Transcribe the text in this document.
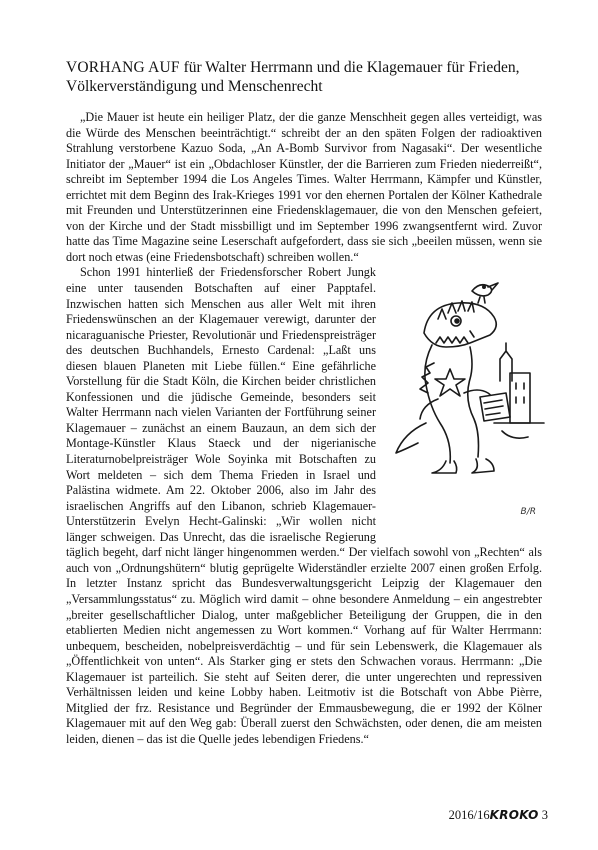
VORHANG AUF für Walter Herrmann und die Klagemauer für Frieden, Völkerverständigung und Menschenrecht

„Die Mauer ist heute ein heiliger Platz, der die ganze Menschheit gegen alles verteidigt, was die Würde des Menschen beeinträchtigt.“ schreibt der an den späten Folgen der radioaktiven Strahlung verstorbene Kazuo Soda, „An A-Bomb Survivor from Nagasaki“. Der wesentliche Initiator der „Mauer“ ist ein „Obdachloser Künstler, der die Barrieren zum Frieden niederreißt“, schreibt im September 1994 die Los Angeles Times. Walter Herrmann, Kämpfer und Künstler, errichtet mit dem Beginn des Irak-Krieges 1991 vor den ehernen Portalen der Kölner Kathedrale mit Freunden und Unterstützerinnen eine Friedensklagemauer, die von den Menschen gefeiert, von der Kirche und der Stadt missbilligt und im September 1996 zwangsentfernt wird. Zuvor hatte das Time Magazine seine Leserschaft aufgefordert, dass sie sich „beeilen müssen, wenn sie dort noch etwas (eine Friedensbotschaft) schreiben wollen.“

B/R

Schon 1991 hinterließ der Friedensforscher Robert Jungk eine unter tausenden Botschaften auf einer Papptafel. Inzwischen hatten sich Menschen aus aller Welt mit ihren Friedenswünschen an der Klagemauer verewigt, darunter der nicaraguanische Priester, Revolutionär und Friedenspreisträger des deutschen Buchhandels, Ernesto Cardenal: „Laßt uns diesen blauen Planeten mit Liebe füllen.“ Eine gefährliche Vorstellung für die Stadt Köln, die Kirchen beider christlichen Konfessionen und die jüdische Gemeinde, besonders seit Walter Herrmann nach vielen Varianten der Fortführung seiner Klagemauer – zunächst an einem Bauzaun, an dem sich der Montage-Künstler Klaus Staeck und der nigerianische Literaturnobelpreisträger Wole Soyinka mit Botschaften zu Wort meldeten – sich dem Thema Frieden in Israel und Palästina widmete. Am 22. Oktober 2006, also im Jahr des israelischen Angriffs auf den Libanon, schrieb Klagemauer-Unterstützerin Evelyn Hecht-Galinski: „Wir wollen nicht länger schweigen. Das Unrecht, das die israelische Regierung täglich begeht, darf nicht länger hingenommen werden.“ Der vielfach sowohl von „Rechten“ als auch von „Ordnungshütern“ blutig geprügelte Widerständler erzielte 2007 einen großen Erfolg. In letzter Instanz spricht das Bundesverwaltungsgericht Leipzig der Klagemauer den „Versammlungsstatus“ zu. Möglich wird damit – ohne besondere Anmeldung – ein angestrebter „breiter gesellschaftlicher Dialog, unter maßgeblicher Beteiligung der Gruppen, die in den etablierten Medien nicht angemessen zu Wort kommen.“ Vorhang auf für Walter Herrmann: unbequem, bescheiden, nobelpreisverdächtig – und für sein Lebenswerk, die Klagemauer als „Öffentlichkeit von unten“. Als Starker ging er stets den Schwachen voraus. Herrmann: „Die Klagemauer ist parteilich. Sie steht auf Seiten derer, die unter ungerechten und repressiven Verhältnissen leiden und keine Lobby haben. Leitmotiv ist die Botschaft von Abbe Pièrre, Mitglied der frz. Resistance und Begründer der Emmausbewegung, die er 1992 der Kölner Klagemauer mit auf den Weg gab: Überall zuerst den Schwächsten, oder denen, die am meisten leiden, dienen – das ist die Quelle jedes lebendigen Friedens.“

2016/16KROKO 3
